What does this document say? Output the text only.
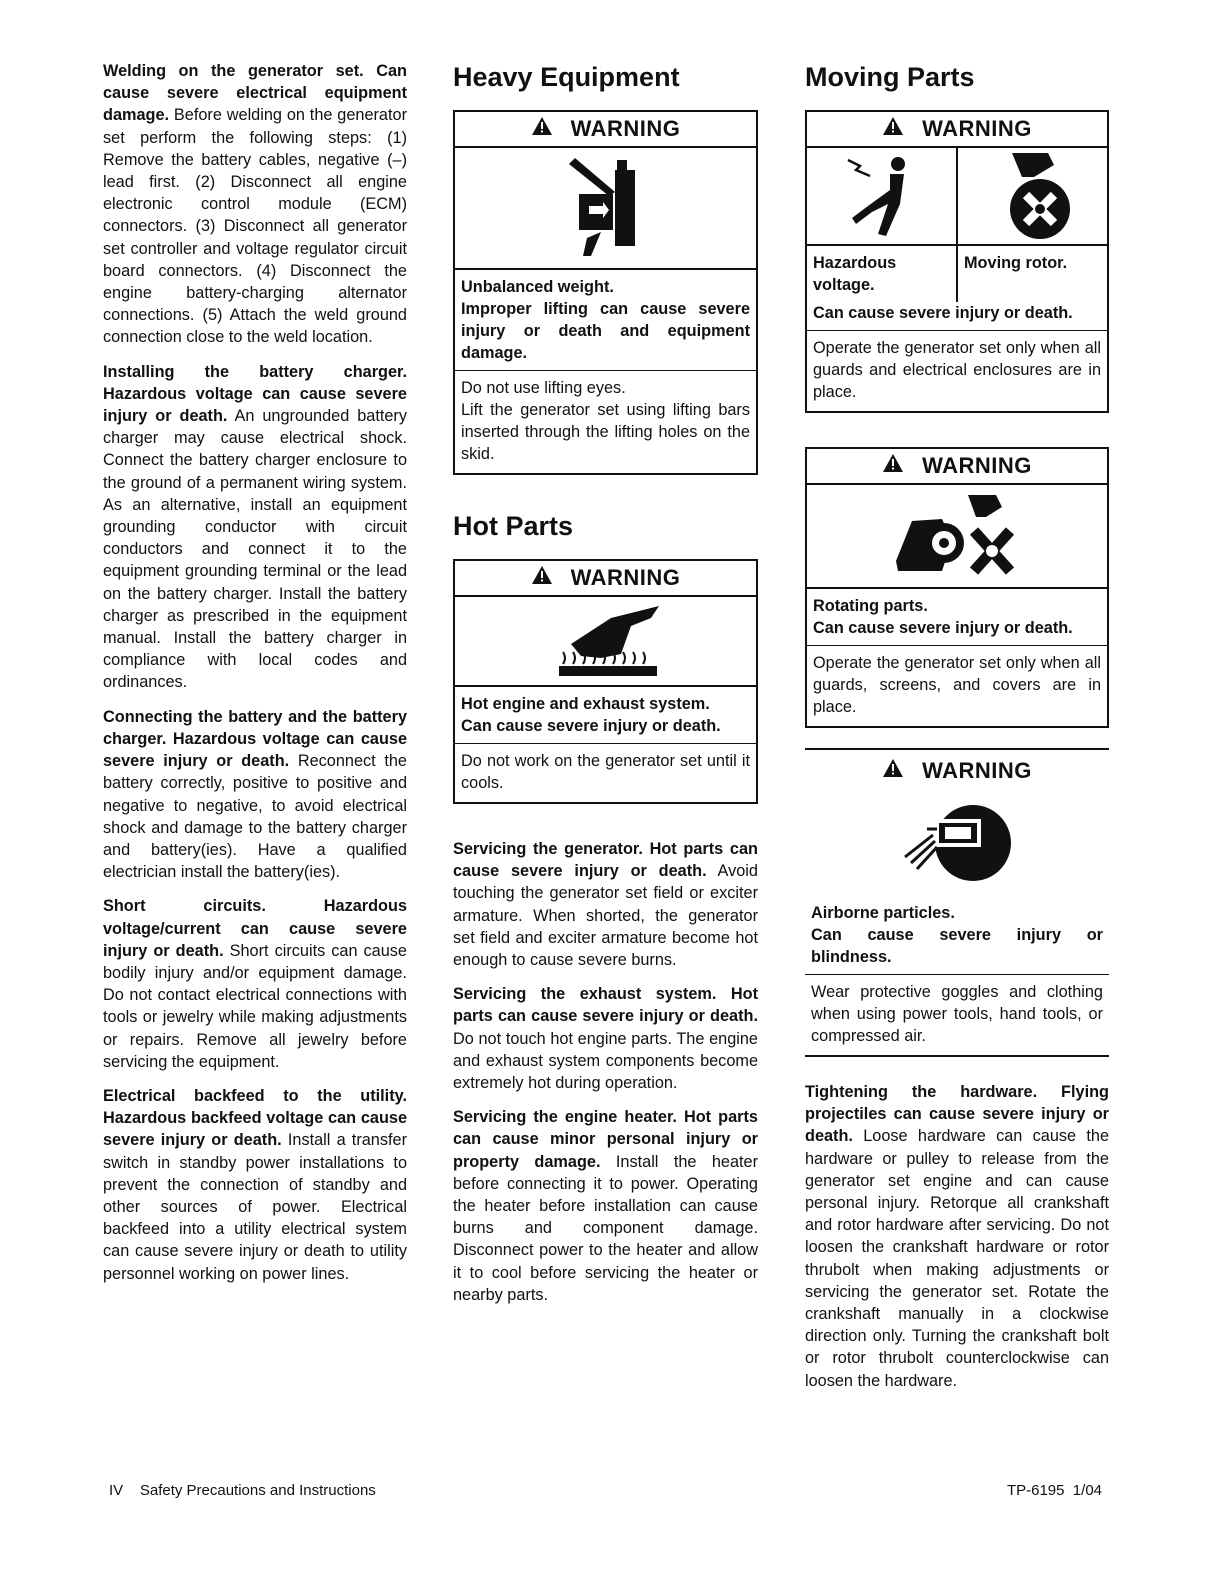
Welding on the generator set. Can cause severe electrical equipment damage. Before welding on the generator set perform the following steps: (1) Remove the battery cables, negative (–) lead first. (2) Disconnect all engine electronic control module (ECM) connectors. (3) Disconnect all generator set controller and voltage regulator circuit board connectors. (4) Disconnect the engine battery-charging alternator connections. (5) Attach the weld ground connection close to the weld location.

Installing the battery charger. Hazardous voltage can cause severe injury or death. An ungrounded battery charger may cause electrical shock. Connect the battery charger enclosure to the ground of a permanent wiring system. As an alternative, install an equipment grounding conductor with circuit conductors and connect it to the equipment grounding terminal or the lead on the battery charger. Install the battery charger as prescribed in the equipment manual. Install the battery charger in compliance with local codes and ordinances.

Connecting the battery and the battery charger. Hazardous voltage can cause severe injury or death. Reconnect the battery correctly, positive to positive and negative to negative, to avoid electrical shock and damage to the battery charger and battery(ies). Have a qualified electrician install the battery(ies).

Short circuits. Hazardous voltage/current can cause severe injury or death. Short circuits can cause bodily injury and/or equipment damage. Do not contact electrical connections with tools or jewelry while making adjustments or repairs. Remove all jewelry before servicing the equipment.

Electrical backfeed to the utility. Hazardous backfeed voltage can cause severe injury or death. Install a transfer switch in standby power installations to prevent the connection of standby and other sources of power. Electrical backfeed into a utility electrical system can cause severe injury or death to utility personnel working on power lines.

Heavy Equipment
WARNING
Unbalanced weight.
Improper lifting can cause severe injury or death and equipment damage.
Do not use lifting eyes.
Lift the generator set using lifting bars inserted through the lifting holes on the skid.
Hot Parts
WARNING
Hot engine and exhaust system.
Can cause severe injury or death.
Do not work on the generator set until it cools.

Servicing the generator. Hot parts can cause severe injury or death. Avoid touching the generator set field or exciter armature. When shorted, the generator set field and exciter armature become hot enough to cause severe burns.

Servicing the exhaust system. Hot parts can cause severe injury or death. Do not touch hot engine parts. The engine and exhaust system components become extremely hot during operation.

Servicing the engine heater. Hot parts can cause minor personal injury or property damage. Install the heater before connecting it to power. Operating the heater before installation can cause burns and component damage. Disconnect power to the heater and allow it to cool before servicing the heater or nearby parts.

Moving Parts
WARNING
Hazardous voltage.
Moving rotor.
Can cause severe injury or death.
Operate the generator set only when all guards and electrical enclosures are in place.
WARNING
Rotating parts.
Can cause severe injury or death.
Operate the generator set only when all guards, screens, and covers are in place.
WARNING
Airborne particles.
Can cause severe injury or blindness.
Wear protective goggles and clothing when using power tools, hand tools, or compressed air.

Tightening the hardware. Flying projectiles can cause severe injury or death. Loose hardware can cause the hardware or pulley to release from the generator set engine and can cause personal injury. Retorque all crankshaft and rotor hardware after servicing. Do not loosen the crankshaft hardware or rotor thrubolt when making adjustments or servicing the generator set. Rotate the crankshaft manually in a clockwise direction only. Turning the crankshaft bolt or rotor thrubolt counterclockwise can loosen the hardware.

IV    Safety Precautions and Instructions	TP-6195  1/04
